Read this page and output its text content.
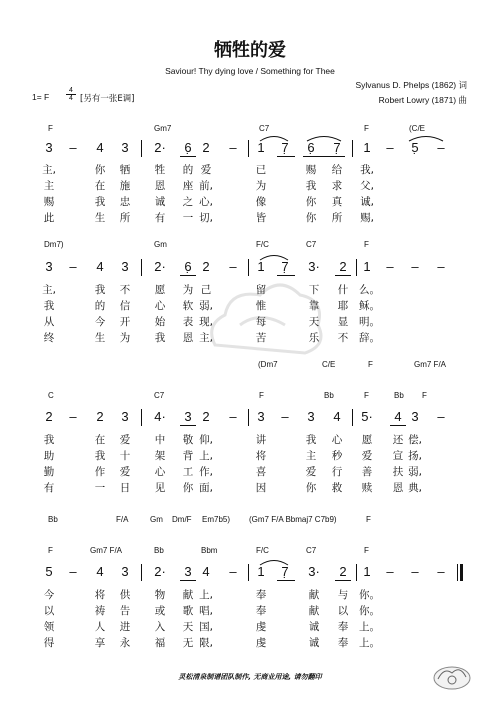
牺牲的爱
Saviour! Thy dying love / Something for Thee
Sylvanus D. Phelps (1862) 词
Robert Lowry (1871) 曲
1= F
4
4 [另有一张E调]
F	Gm7	C7	F	(C/E
3	–	4	3	2·	6̣ 2	–	1	7̣	6̣	7̣	1	–	5̣	–
主,	你 牺 牲 的 爱	已	赐 给 我,
主	在 施 恩 座 前,	为	我 求 父,
赐	我 忠 诚 之 心,	像	你 真 诚,
此	生 所 有 一 切,	皆	你 所 赐,
Dm7)	Gm	F/C	C7	F
3	–	4	3	2·	6̣ 2	–	1	7̣	3·	2	1	–	–	–
主,	我 不 愿 为 己	留	下 什 么。
我	的 信 心 软 弱,	惟	靠 耶 稣。
从	今 开 始 表 现,	每	天 显 明。
终	生 为 我 恩 主,	苦	乐 不 辞。
(Dm7	C/E	F	Gm7 F/A
C	C7	F	Bb	F	Bb F
2	–	2	3	4·	3 2	–	3	–	3	4	5·	4 3	–
我	在 爱 中 敬 仰,	讲	我 心 愿 还 偿,
助	我 十 架 背 上,	将	主 秒 爱 宣 扬,
勤	作 爱 心 工 作,	喜	爱 行 善 扶 弱,
有	一 日 见 你 面,	因	你 救 赎 恩 典,
Bb	F/A	Gm Dm/F Em7b5) (Gm7 F/A Bbmaj7 C7b9)	F
F	Gm7 F/A	Bb	Bbm	F/C	C7	F
5	–	4	3	2·	3 4	–	1	7̣	3·	2	1	–	–	–
今	将 供 物 献 上,	奉	献 与 你。
以	祷 告 或 歌 唱,	奉	献 以 你。
领	人 进 入 天 国,	虔	诚 奉 上。
得	享 永 福 无 限,	虔	诚 奉 上。
灵松清泉制谱团队制作, 无商业用途, 请勿翻印
